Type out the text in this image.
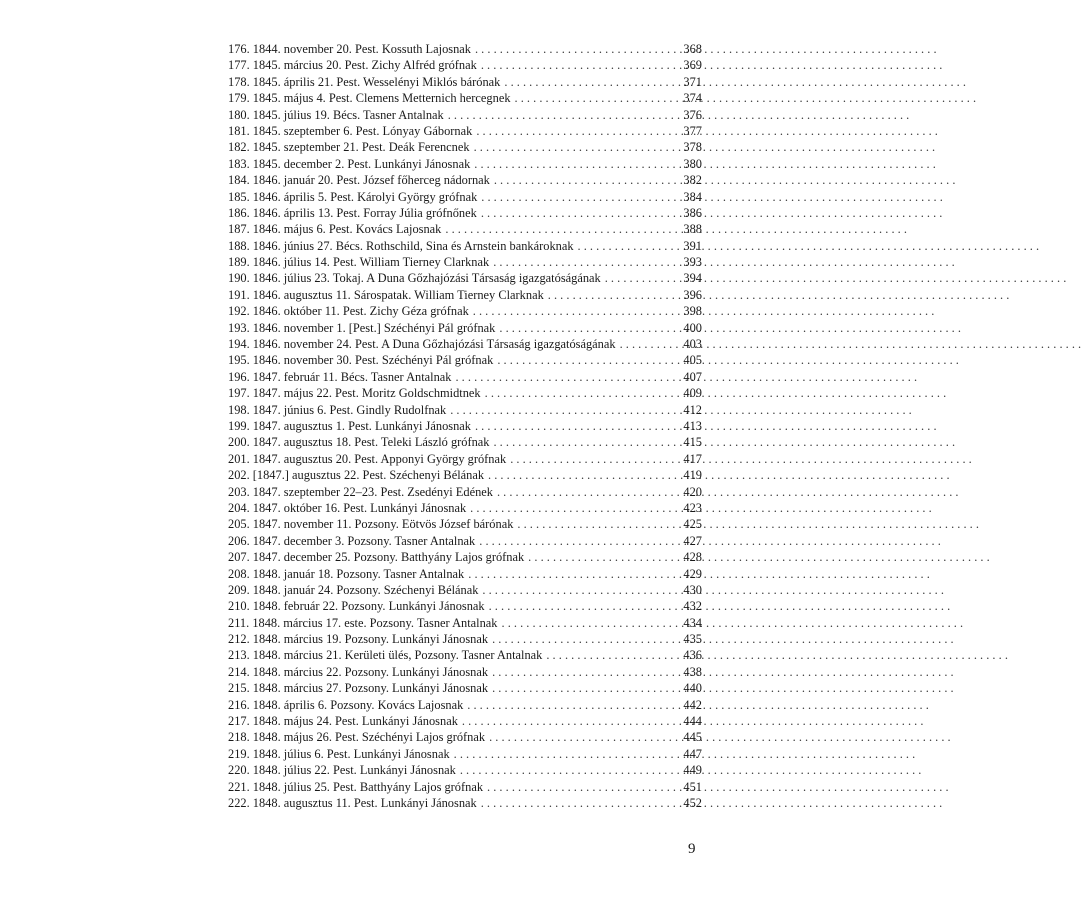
176. 1844. november 20. Pest. Kossuth Lajosnak . . .	368
177. 1845. március 20. Pest. Zichy Alfréd grófnak . . .	369
178. 1845. április 21. Pest. Wesselényi Miklós bárónak . . .	371
179. 1845. május 4. Pest. Clemens Metternich hercegnek . . .	374
180. 1845. július 19. Bécs. Tasner Antalnak . . .	376
181. 1845. szeptember 6. Pest. Lónyay Gábornak . . .	377
182. 1845. szeptember 21. Pest. Deák Ferencnek . . .	378
183. 1845. december 2. Pest. Lunkányi Jánosnak . . .	380
184. 1846. január 20. Pest. József főherceg nádornak . . .	382
185. 1846. április 5. Pest. Károlyi György grófnak . . .	384
186. 1846. április 13. Pest. Forray Júlia grófnőnek . . .	386
187. 1846. május 6. Pest. Kovács Lajosnak . . .	388
188. 1846. június 27. Bécs. Rothschild, Sina és Arnstein bankároknak . . .	391
189. 1846. július 14. Pest. William Tierney Clarknak . . .	393
190. 1846. július 23. Tokaj. A Duna Gőzhajózási Társaság igazgatóságának . . .	394
191. 1846. augusztus 11. Sárospatak. William Tierney Clarknak . . .	396
192. 1846. október 11. Pest. Zichy Géza grófnak . . .	398
193. 1846. november 1. [Pest.] Széchényi Pál grófnak . . .	400
194. 1846. november 24. Pest. A Duna Gőzhajózási Társaság igazgatóságának . . .	403
195. 1846. november 30. Pest. Széchényi Pál grófnak . . .	405
196. 1847. február 11. Bécs. Tasner Antalnak . . .	407
197. 1847. május 22. Pest. Moritz Goldschmidtnek . . .	409
198. 1847. június 6. Pest. Gindly Rudolfnak . . .	412
199. 1847. augusztus 1. Pest. Lunkányi Jánosnak . . .	413
200. 1847. augusztus 18. Pest. Teleki László grófnak . . .	415
201. 1847. augusztus 20. Pest. Apponyi György grófnak . . .	417
202. [1847.] augusztus 22. Pest. Széchenyi Bélának . . .	419
203. 1847. szeptember 22–23. Pest. Zsedényi Edének . . .	420
204. 1847. október 16. Pest. Lunkányi Jánosnak . . .	423
205. 1847. november 11. Pozsony. Eötvös József bárónak . . .	425
206. 1847. december 3. Pozsony. Tasner Antalnak . . .	427
207. 1847. december 25. Pozsony. Batthyány Lajos grófnak . . .	428
208. 1848. január 18. Pozsony. Tasner Antalnak . . .	429
209. 1848. január 24. Pozsony. Széchenyi Bélának . . .	430
210. 1848. február 22. Pozsony. Lunkányi Jánosnak . . .	432
211. 1848. március 17. este. Pozsony. Tasner Antalnak . . .	434
212. 1848. március 19. Pozsony. Lunkányi Jánosnak . . .	435
213. 1848. március 21. Kerületi ülés, Pozsony. Tasner Antalnak . . .	436
214. 1848. március 22. Pozsony. Lunkányi Jánosnak . . .	438
215. 1848. március 27. Pozsony. Lunkányi Jánosnak . . .	440
216. 1848. április 6. Pozsony. Kovács Lajosnak . . .	442
217. 1848. május 24. Pest. Lunkányi Jánosnak . . .	444
218. 1848. május 26. Pest. Széchényi Lajos grófnak . . .	445
219. 1848. július 6. Pest. Lunkányi Jánosnak . . .	447
220. 1848. július 22. Pest. Lunkányi Jánosnak . . .	449
221. 1848. július 25. Pest. Batthyány Lajos grófnak . . .	451
222. 1848. augusztus 11. Pest. Lunkányi Jánosnak . . .	452
9
